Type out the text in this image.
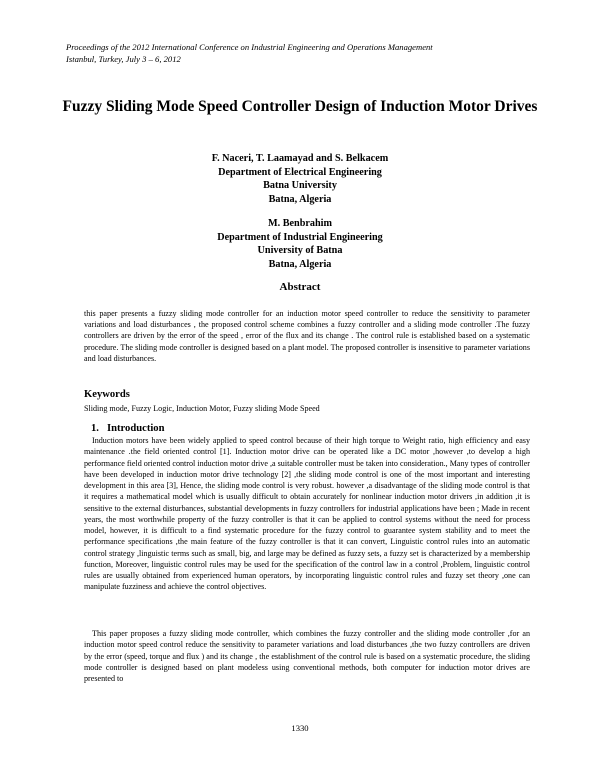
Proceedings of the 2012 International Conference on Industrial Engineering and Operations Management
Istanbul, Turkey, July 3 – 6, 2012
Fuzzy Sliding Mode Speed Controller Design of Induction Motor Drives
F. Naceri, T. Laamayad and S. Belkacem
Department of Electrical Engineering
Batna University
Batna, Algeria
M. Benbrahim
Department of Industrial Engineering
University of Batna
Batna, Algeria
Abstract
this paper presents a fuzzy sliding mode controller for an induction motor speed controller to reduce the sensitivity to parameter variations and load disturbances , the proposed control scheme combines a fuzzy controller and a sliding mode controller .The fuzzy controllers are driven by the error of the speed , error of the flux and its change . The control rule is established based on a systematic procedure. The sliding mode controller is designed based on a plant model. The proposed controller is insensitive to parameter variations and load disturbances.
Keywords
Sliding mode, Fuzzy Logic, Induction Motor, Fuzzy sliding Mode Speed
1. Introduction
Induction motors have been widely applied to speed control because of their high torque to Weight ratio, high efficiency and easy maintenance .the field oriented control [1]. Induction motor drive can be operated like a DC motor ,however ,to develop a high performance field oriented control induction motor drive ,a suitable controller must be taken into consideration., Many types of controller have been developed in induction motor drive technology [2] ,the sliding mode control is one of the most important and interesting development in this area [3], Hence, the sliding mode control is very robust. however ,a disadvantage of the sliding mode control is that it requires a mathematical model which is usually difficult to obtain accurately for nonlinear induction motor drivers ,in addition ,it is sensitive to the external disturbances, substantial developments in fuzzy controllers for industrial applications have been ; Made in recent years, the most worthwhile property of the fuzzy controller is that it can be applied to control systems without the need for process model, however, it is difficult to a find systematic procedure for the fuzzy control to guarantee system stability and to meet the performance specifications ,the main feature of the fuzzy controller is that it can convert, Linguistic control rules into an automatic control strategy ,linguistic terms such as small, big, and large may be defined as fuzzy sets, a fuzzy set is characterized by a membership function, Moreover, linguistic control rules may be used for the specification of the control law in a control ,Problem, linguistic control rules are usually obtained from experienced human operators, by incorporating linguistic control rules and fuzzy set theory ,one can manipulate fuzziness and achieve the control objectives.
This paper proposes a fuzzy sliding mode controller, which combines the fuzzy controller and the sliding mode controller ,for an induction motor speed control reduce the sensitivity to parameter variations and load disturbances ,the two fuzzy controllers are driven by the error (speed, torque and flux ) and its change , the establishment of the control rule is based on a systematic procedure, the sliding mode controller is designed based on plant modeless using conventional methods, both computer for induction motor drives are presented to
1330
